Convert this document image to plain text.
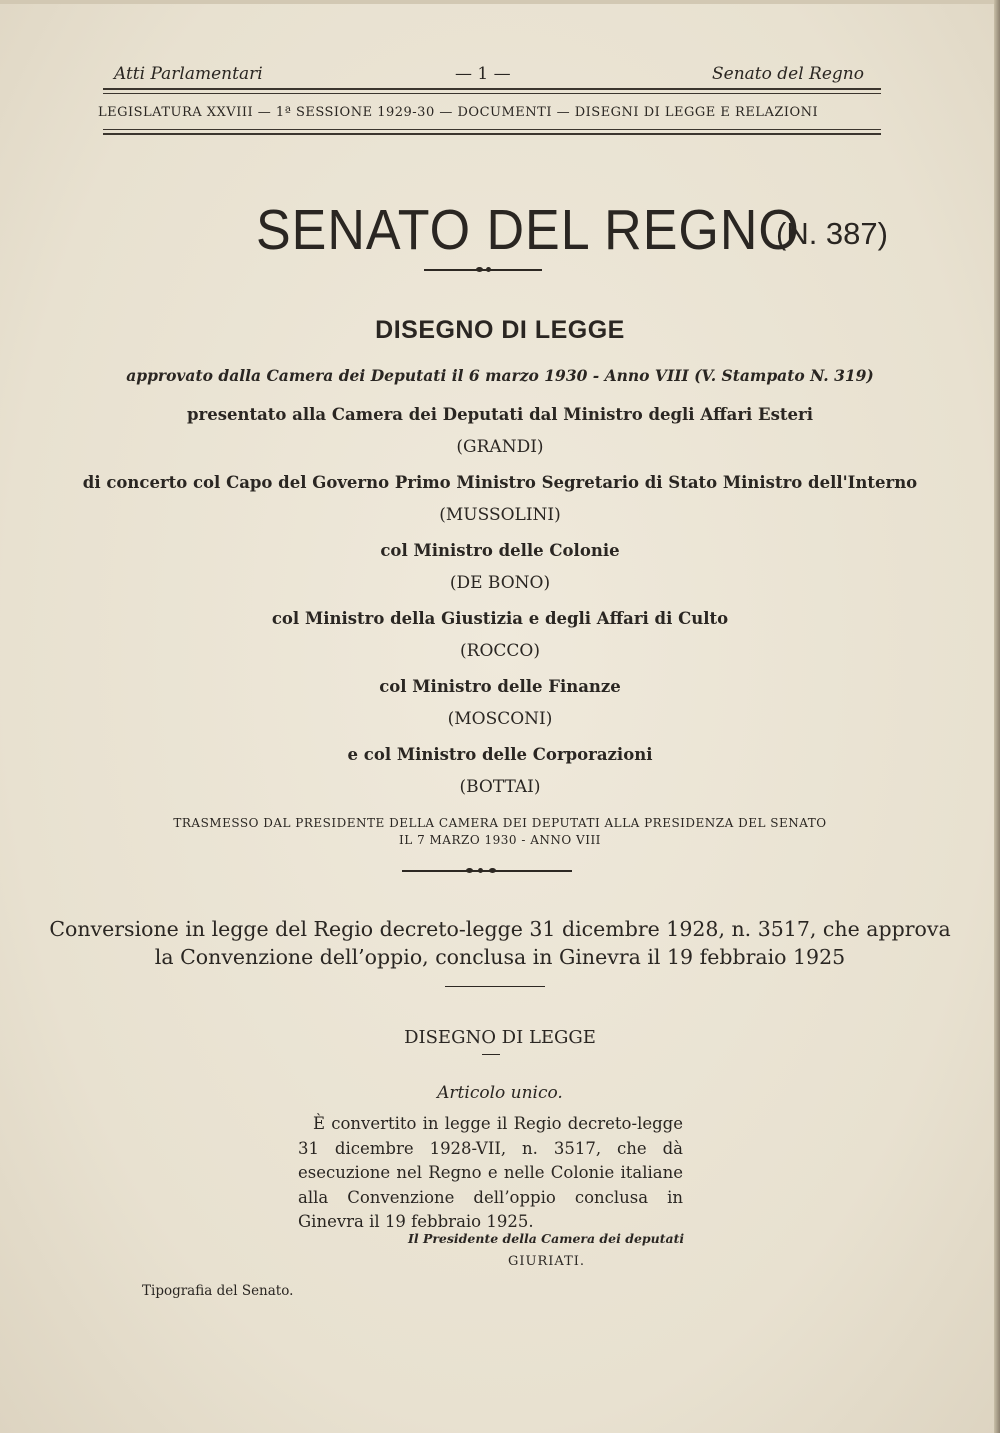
Atti Parlamentari	— 1 —	Senato del Regno
LEGISLATURA XXVIII — 1ª SESSIONE 1929-30 — DOCUMENTI — DISEGNI DI LEGGE E RELAZIONI
SENATO DEL REGNO
(N. 387)
DISEGNO DI LEGGE
approvato dalla Camera dei Deputati il 6 marzo 1930 - Anno VIII (V. Stampato N. 319)
presentato alla Camera dei Deputati dal Ministro degli Affari Esteri
(GRANDI)
di concerto col Capo del Governo Primo Ministro Segretario di Stato Ministro dell'Interno
(MUSSOLINI)
col Ministro delle Colonie
(DE BONO)
col Ministro della Giustizia e degli Affari di Culto
(ROCCO)
col Ministro delle Finanze
(MOSCONI)
e col Ministro delle Corporazioni
(BOTTAI)
TRASMESSO DAL PRESIDENTE DELLA CAMERA DEI DEPUTATI ALLA PRESIDENZA DEL SENATO
IL 7 MARZO 1930 - ANNO VIII
Conversione in legge del Regio decreto-legge 31 dicembre 1928, n. 3517, che approva
la Convenzione dell’oppio, conclusa in Ginevra il 19 febbraio 1925
DISEGNO DI LEGGE
Articolo unico.
È convertito in legge il Regio decreto-legge 31 dicembre 1928-VII, n. 3517, che dà esecuzione nel Regno e nelle Colonie italiane alla Convenzione dell’oppio conclusa in Ginevra il 19 febbraio 1925.
Il Presidente della Camera dei deputati
GIURIATI.
Tipografia del Senato.
